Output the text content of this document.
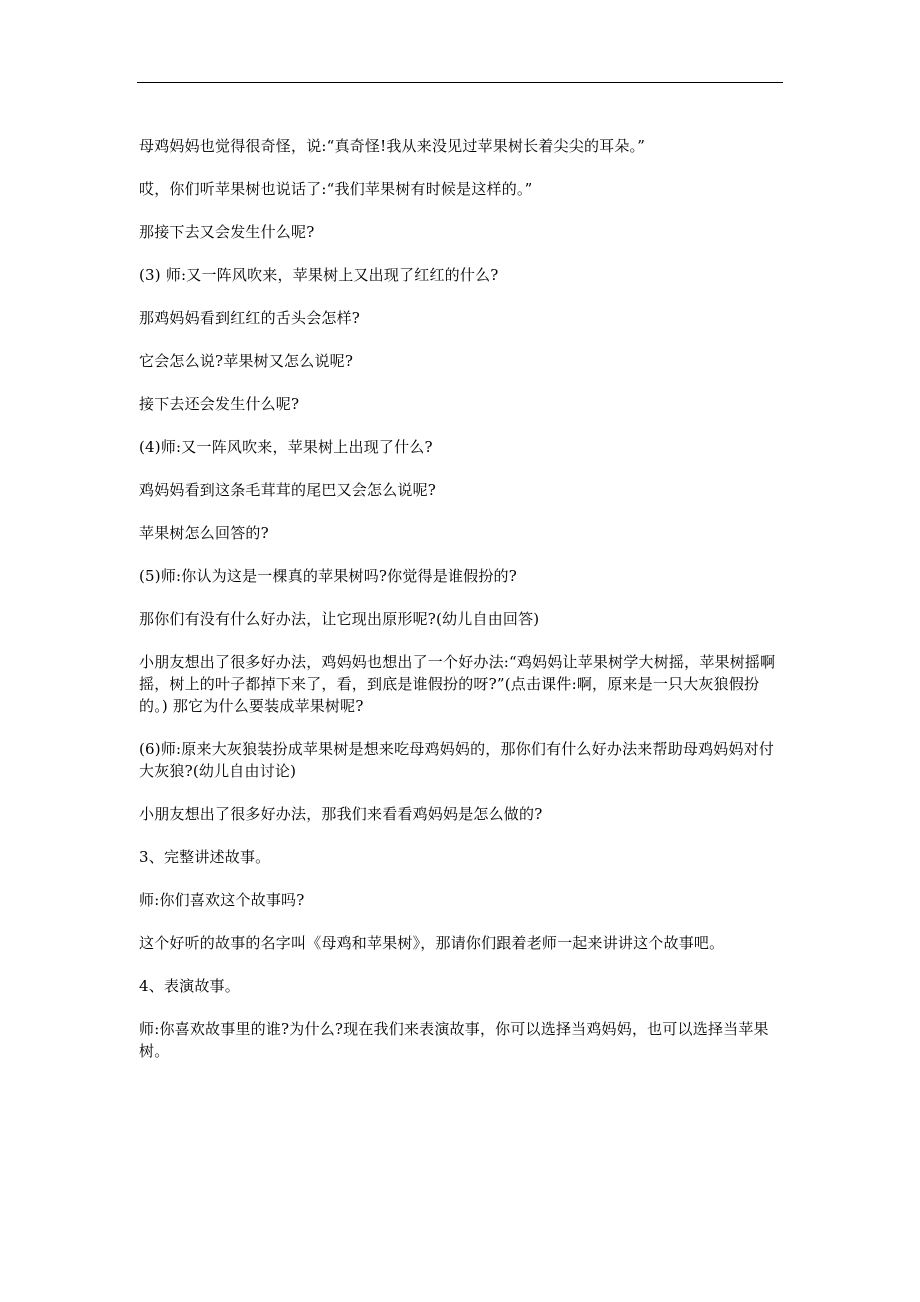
母鸡妈妈也觉得很奇怪，说:“真奇怪!我从来没见过苹果树长着尖尖的耳朵。”

哎，你们听苹果树也说话了:“我们苹果树有时候是这样的。”

那接下去又会发生什么呢?

(3) 师:又一阵风吹来，苹果树上又出现了红红的什么?

那鸡妈妈看到红红的舌头会怎样?

它会怎么说?苹果树又怎么说呢?

接下去还会发生什么呢?

(4)师:又一阵风吹来，苹果树上出现了什么?

鸡妈妈看到这条毛茸茸的尾巴又会怎么说呢?

苹果树怎么回答的?

(5)师:你认为这是一棵真的苹果树吗?你觉得是谁假扮的?

那你们有没有什么好办法，让它现出原形呢?(幼儿自由回答)

小朋友想出了很多好办法，鸡妈妈也想出了一个好办法:“鸡妈妈让苹果树学大树摇，苹果树摇啊摇，树上的叶子都掉下来了，看，到底是谁假扮的呀?”(点击课件:啊，原来是一只大灰狼假扮的。) 那它为什么要装成苹果树呢?

(6)师:原来大灰狼装扮成苹果树是想来吃母鸡妈妈的，那你们有什么好办法来帮助母鸡妈妈对付大灰狼?(幼儿自由讨论)

小朋友想出了很多好办法，那我们来看看鸡妈妈是怎么做的?

3、完整讲述故事。

师:你们喜欢这个故事吗?

这个好听的故事的名字叫《母鸡和苹果树》，那请你们跟着老师一起来讲讲这个故事吧。

4、表演故事。

师:你喜欢故事里的谁?为什么?现在我们来表演故事，你可以选择当鸡妈妈，也可以选择当苹果树。
